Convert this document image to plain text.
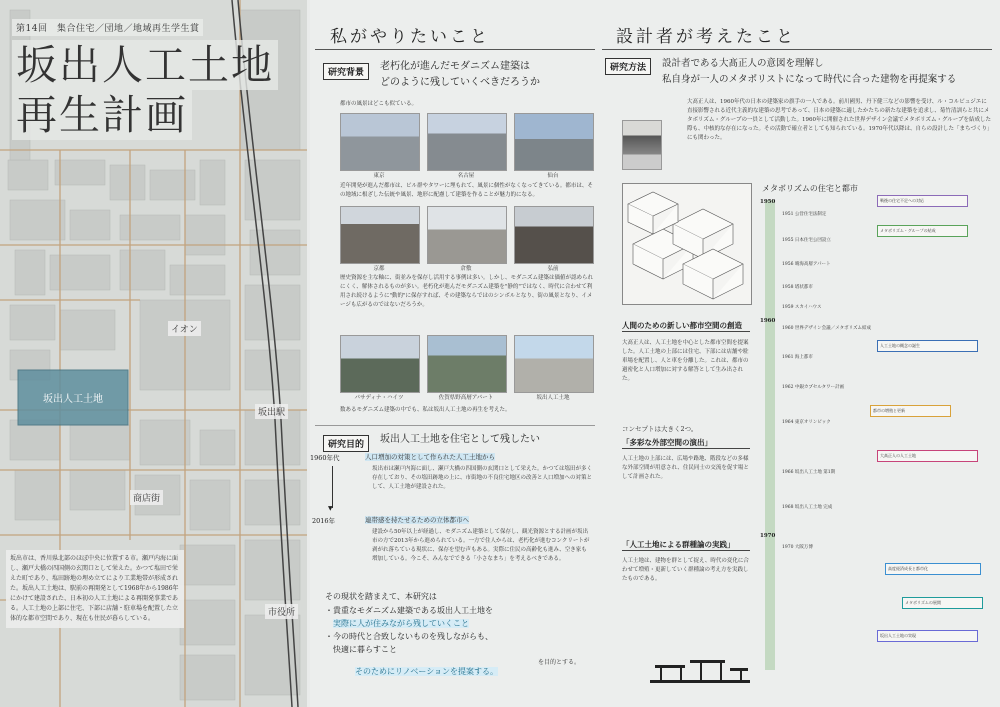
第14回　集合住宅／団地／地域再生学生賞
坂出人工土地
再生計画
イオン
坂出人工土地
坂出駅
商店街
市役所
坂出市は、香川県北部のほぼ中央に位置する市。瀬戸内海に面し、瀬戸大橋の四国側の玄関口として栄えた。かつて塩田で栄えた町であり、塩田跡地の埋め立てにより工業地帯が形成された。坂出人工土地は、駅前の再開発として1968年から1986年にかけて建設された、日本初の人工土地による再開発事業である。人工土地の上部に住宅、下部に店舗・駐車場を配置した立体的な都市空間であり、現在も住民が暮らしている。
私がやりたいこと
研究背景
老朽化が進んだモダニズム建築は
どのように残していくべきだろうか
都市の風景はどこも似ている。
東京	名古屋	仙台
近年開発が進んだ都市は、ビル群やタワーに埋もれて、風景に個性がなくなってきている。都市は、その地域に根ざした伝統や風景、地形に配慮して建築を作ることが魅力的になる。
京都	倉敷	弘前
歴史資源を主な軸に、街並みを保存し活用する事例は多い。しかし、モダニズム建築は価値が認められにくく、解体されるものが多い。老朽化が進んだモダニズム建築を"静的"ではなく、時代に合わせて利用され続けるように"動的"に保存すれば、その建築ならではのシンボルとなり、街の風景となり、イメージも広がるのではないだろうか。
パサディナ・ハイツ	佐賀県野高層アパート	坂出人工土地
数あるモダニズム建築の中でも、私は坂出人工土地の再生を考えた。
研究目的	坂出人工土地を住宅として残したい
1960年代
▼
2016年
人口増加の対策として作られた人工土地から
坂出市は瀬戸内海に面し、瀬戸大橋の四国側の玄関口として栄えた。かつては塩田が多く存在しており、その塩田跡地の上に、市街地の不良住宅地区の改善と人口増加への対策として、人工土地が建設された。
連帯感を持たせるための立体都市へ
建設から50年以上が経過し、モダニズム建築として保存し、観光資源とする計画が坂出市の方で2013年から進められている。一方で住人からは、老朽化が進むコンクリートが剥がれ落ちている現状に、保存を望む声もある。実際に住民の高齢化も進み、空き家も増加している。今こそ、みんなでできる「小さなまち」を考えるべきである。
その現状を踏まえて、本研究は
・貴重なモダニズム建築である坂出人工土地を
　実際に人が住みながら残していくこと
・今の時代と合致しないものを残しながらも、
　快適に暮らすこと
を目的とする。
そのためにリノベーションを提案する。
設計者が考えたこと
研究方法	設計者である大髙正人の意図を理解し
私自身が一人のメタボリストになって時代に合った建物を再提案する
大髙正人は、1960年代の日本の建築家の旗手の一人である。前川國男、丹下健三などの影響を受け、ル・コルビュジエに直接影響される近代主義的な建築の思考であって、日本の建築に適したかたちの新たな建築を追求し、菊竹清訓らと共にメタボリズム・グループの一員として活動した。1960年に開催された世界デザイン会議でメタボリズム・グループを結成した際も、中核的な存在になった。その活動で確立者としても知られている。1970年代以降は、自らの設計した「まちづくり」にも関わった。
人間のための新しい都市空間の創造
大髙正人は、人工土地を中心とした都市空間を提案した。人工土地の上部には住宅、下部には店舗や駐車場を配置し、人と車を分離した。これは、都市の過密化と人口増加に対する解答として生み出された。
コンセプトは大きく2つ。
「多彩な外部空間の演出」
人工土地の上部には、広場や路地、階段などの多様な外部空間が用意され、住民同士の交流を促す場として計画された。
「人工土地による群種論の実践」
人工土地は、建物を群として捉え、時代の変化に合わせて増殖・更新していく群種論の考え方を実践したものである。
メタボリズムの住宅と都市
1950
1960
1970
1951 公営住宅法制定
1955 日本住宅公団設立
1956 晴海高層アパート
1958 塔状都市
1959 スカイハウス
1960 世界デザイン会議／メタボリズム結成
1961 海上都市
1962 中銀カプセルタワー計画
1964 東京オリンピック
1966 坂出人工土地 第1期
1968 坂出人工土地 完成
1970 大阪万博
戦後の住宅不足への対応
メタボリズム・グループの結成
人工土地の概念の誕生
都市の増殖と更新
大髙正人の人工土地
高度経済成長と都市化
メタボリズムの展開
坂出人工土地の実現
